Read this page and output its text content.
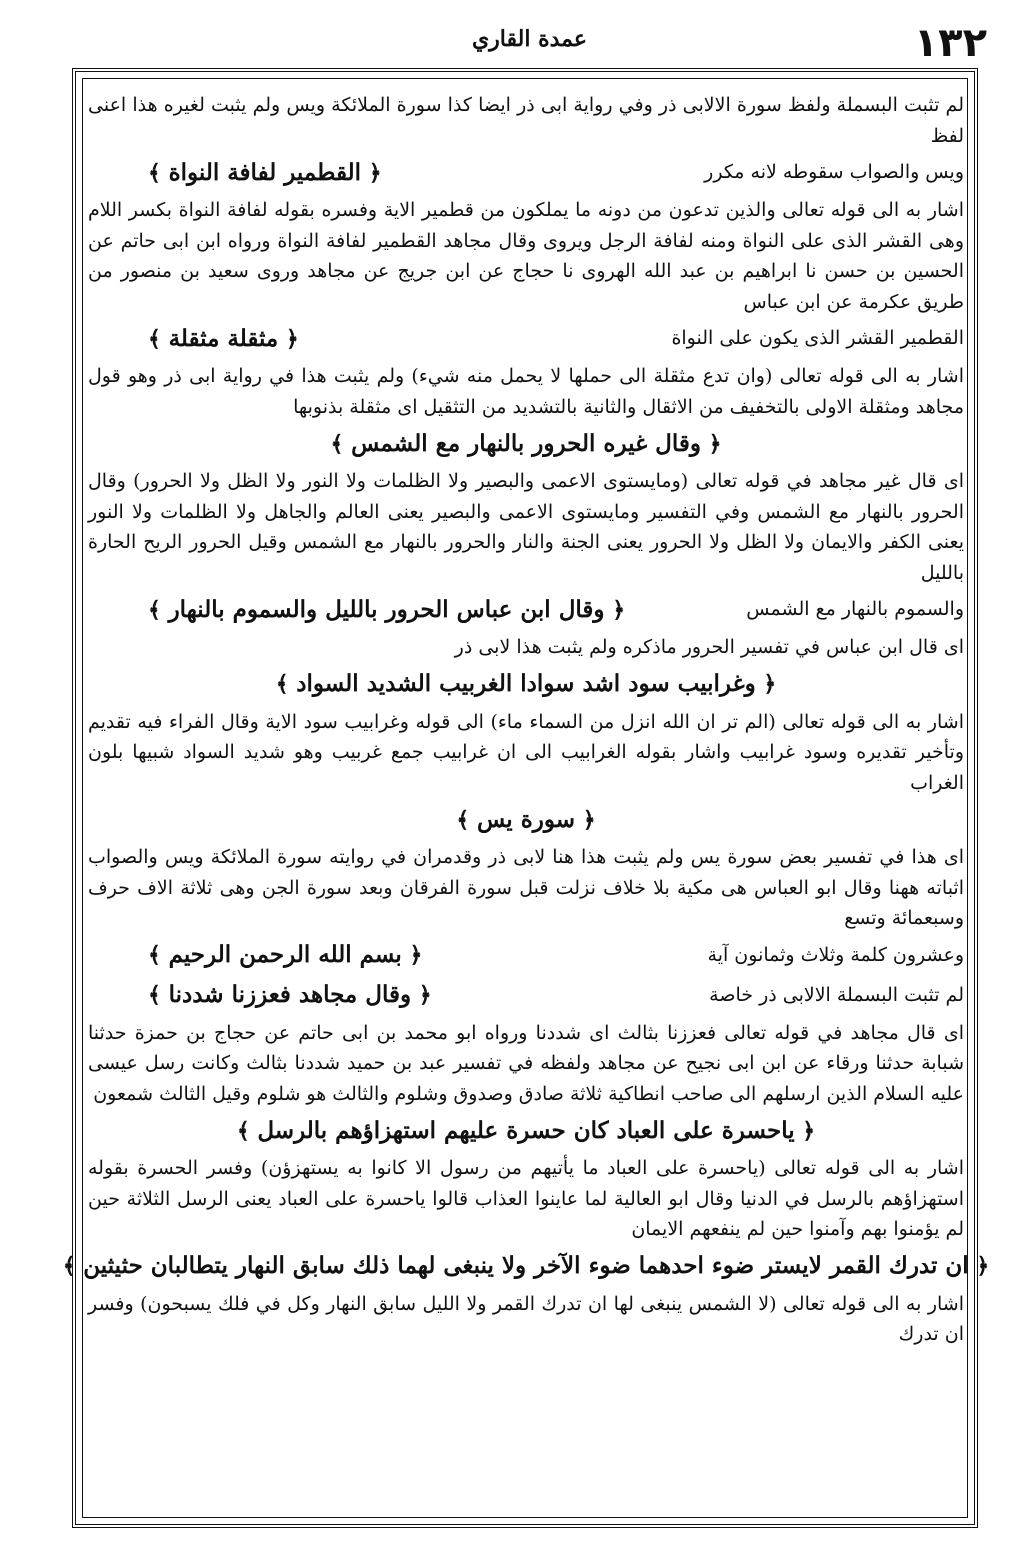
١٣٢
عمدة القاري

لم تثبت البسملة ولفظ سورة الالابى ذر وفي رواية ابى ذر ايضا كذا سورة الملائكة ويس ولم يثبت لغيره هذا اعنى لفظ

ويس والصواب سقوطه لانه مكرر
﴿ القطمير لفافة النواة ﴾

اشار به الى قوله تعالى والذين تدعون من دونه ما يملكون من قطمير الاية وفسره بقوله لفافة النواة بكسر اللام وهى القشر الذى على النواة ومنه لفافة الرجل ويروى وقال مجاهد القطمير لفافة النواة ورواه ابن ابى حاتم عن الحسين بن حسن نا ابراهيم بن عبد الله الهروى نا حجاج عن ابن جريج عن مجاهد وروى سعيد بن منصور من طريق عكرمة عن ابن عباس

القطمير القشر الذى يكون على النواة
﴿ مثقلة مثقلة ﴾

اشار به الى قوله تعالى (وان تدع مثقلة الى حملها لا يحمل منه شيء) ولم يثبت هذا في رواية ابى ذر وهو قول مجاهد ومثقلة الاولى بالتخفيف من الاثقال والثانية بالتشديد من التثقيل اى مثقلة بذنوبها

﴿ وقال غيره الحرور بالنهار مع الشمس ﴾

اى قال غير مجاهد في قوله تعالى (ومايستوى الاعمى والبصير ولا الظلمات ولا النور ولا الظل ولا الحرور) وقال الحرور بالنهار مع الشمس وفي التفسير ومايستوى الاعمى والبصير يعنى العالم والجاهل ولا الظلمات ولا النور يعنى الكفر والايمان ولا الظل ولا الحرور يعنى الجنة والنار والحرور بالنهار مع الشمس وقيل الحرور الريح الحارة بالليل

والسموم بالنهار مع الشمس
﴿ وقال ابن عباس الحرور بالليل والسموم بالنهار ﴾

اى قال ابن عباس في تفسير الحرور ماذكره ولم يثبت هذا لابى ذر

﴿ وغرابيب سود اشد سوادا الغربيب الشديد السواد ﴾

اشار به الى قوله تعالى (الم تر ان الله انزل من السماء ماء) الى قوله وغرابيب سود الاية وقال الفراء فيه تقديم وتأخير تقديره وسود غرابيب واشار بقوله الغرابيب الى ان غرابيب جمع غربيب وهو شديد السواد شبيها بلون الغراب

﴿ سورة يس ﴾

اى هذا في تفسير بعض سورة يس ولم يثبت هذا هنا لابى ذر وقدمران في روايته سورة الملائكة ويس والصواب اثباته ههنا وقال ابو العباس هى مكية بلا خلاف نزلت قبل سورة الفرقان وبعد سورة الجن وهى ثلاثة الاف حرف وسبعمائة وتسع

وعشرون كلمة وثلاث وثمانون آية
﴿ بسم الله الرحمن الرحيم ﴾
لم تثبت البسملة الالابى ذر خاصة
﴿ وقال مجاهد فعززنا شددنا ﴾

اى قال مجاهد في قوله تعالى فعززنا بثالث اى شددنا ورواه ابو محمد بن ابى حاتم عن حجاج بن حمزة حدثنا شبابة حدثنا ورقاء عن ابن ابى نجيح عن مجاهد ولفظه في تفسير عبد بن حميد شددنا بثالث وكانت رسل عيسى عليه السلام الذين ارسلهم الى صاحب انطاكية ثلاثة صادق وصدوق وشلوم والثالث هو شلوم وقيل الثالث شمعون

﴿ ياحسرة على العباد كان حسرة عليهم استهزاؤهم بالرسل ﴾

اشار به الى قوله تعالى (ياحسرة على العباد ما يأتيهم من رسول الا كانوا به يستهزؤن) وفسر الحسرة بقوله استهزاؤهم بالرسل في الدنيا وقال ابو العالية لما عاينوا العذاب قالوا ياحسرة على العباد يعنى الرسل الثلاثة حين لم يؤمنوا بهم وآمنوا حين لم ينفعهم الايمان

﴿ ان تدرك القمر لايستر ضوء احدهما ضوء الآخر ولا ينبغى لهما ذلك سابق النهار يتطالبان حثيثين ﴾

اشار به الى قوله تعالى (لا الشمس ينبغى لها ان تدرك القمر ولا الليل سابق النهار وكل في فلك يسبحون) وفسر ان تدرك
